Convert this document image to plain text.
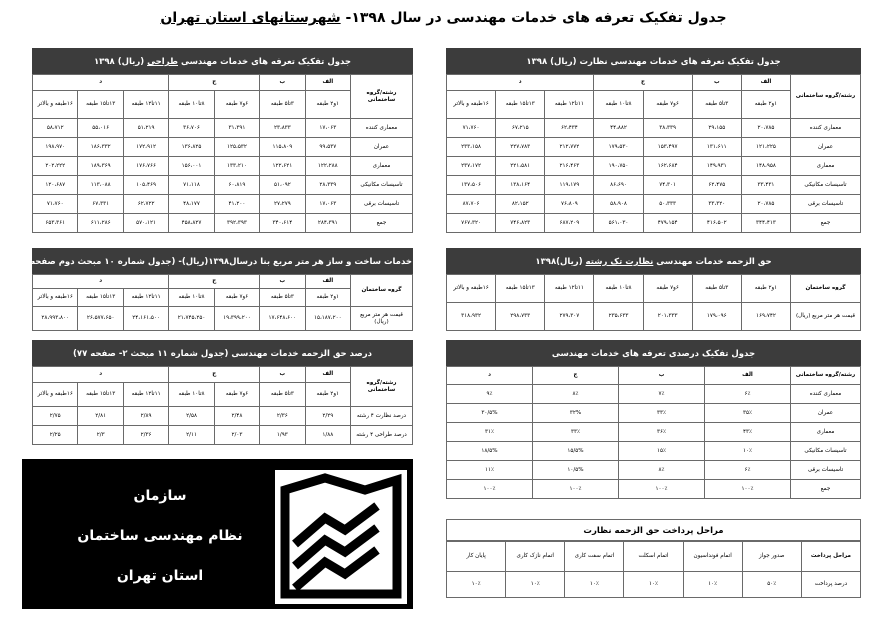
جدول تفکیک تعرفه های خدمات مهندسی در سال ۱۳۹۸- شهرستانهای استان تهران
جدول تفکیک تعرفه های خدمات مهندسی نظارت (ریال) ۱۳۹۸
رشته/گروه ساختمانی	الف	ب	ج		د		
	۱و۲ طبقه	۳تا۵ طبقه	۶و۷ طبقه	۸تا۱۰ طبقه	۱۱تا۱۲ طبقه	۱۳تا۱۵ طبقه	۱۶طبقه و بالاتر
معماری کننده	۲۰،۷۸۵	۲۹،۱۵۵	۳۸،۳۳۹	۴۴،۸۸۲	۶۲،۴۳۴	۶۷،۲۱۵	۷۱،۷۶۰
عمران	۱۲۱،۲۲۵	۱۳۱،۶۱۱	۱۵۳،۴۹۷	۱۷۹،۵۳۰	۲۱۲،۷۷۲	۲۲۷،۷۸۳	۲۳۳،۱۵۸
معماری	۱۴۸،۹۵۸	۱۴۹،۹۳۱	۱۶۲،۶۸۴	۱۹۰،۷۵۰	۲۱۶،۴۶۳	۲۲۱،۵۸۱	۲۳۷،۱۷۲
تاسیسات مکانیکی	۳۳،۴۳۱	۶۲،۴۷۵	۷۴،۳۰۱	۸۶،۶۹۰	۱۱۹،۱۷۹	۱۳۸،۱۶۴	۱۳۷،۵۰۶
تاسیسات برقی	۲۰،۷۸۵	۳۳،۳۲۰	۵۰،۳۳۳	۵۸،۹۰۸	۷۶،۸۰۹	۸۲،۱۵۲	۸۷،۷۰۶
جمع	۳۴۴،۴۱۳	۴۱۶،۵۰۲	۴۷۹،۱۵۴	۵۶۱،۰۳۰	۶۸۷،۲۰۹	۷۴۶،۸۲۳	۷۶۷،۳۲۰
جدول تفکیک تعرفه های خدمات مهندسی طراحی (ریال) ۱۳۹۸
رشته/گروه ساختمانی	الف	ب	ج		د		
	۱و۲ طبقه	۳تا۵ طبقه	۶و۷ طبقه	۸تا۱۰ طبقه	۱۱تا۱۲ طبقه	۱۳تا۱۵ طبقه	۱۶طبقه و بالاتر
معماری کننده	۱۷،۰۶۳	۲۳،۸۳۳	۳۱،۳۹۱	۳۶،۷۰۶	۵۱،۲۱۹	۵۵،۰۱۶	۵۸،۷۱۲
عمران	۹۹،۵۳۷	۱۱۵،۸۰۹	۱۲۵،۵۳۲	۱۳۶،۸۲۵	۱۷۲،۹۱۲	۱۸۶،۳۳۲	۱۹۸،۹۷۰
معماری	۱۲۲،۲۸۸	۱۲۲،۶۲۱	۱۳۳،۲۱۰	۱۵۶،۰۰۱	۱۷۶،۷۶۶	۱۸۹،۳۶۹	۲۰۲،۲۲۲
تاسیسات مکانیکی	۲۸،۳۳۹	۵۱،۰۹۲	۶۰،۸۱۹	۷۱،۱۱۸	۱۰۵،۴۶۹	۱۱۳،۰۸۸	۱۲۰،۶۸۷
تاسیسات برقی	۱۷،۰۶۳	۲۷،۲۷۹	۴۱،۲۰۰	۴۸،۱۷۷	۶۲،۷۲۲	۶۷،۳۳۱	۷۱،۷۶۰
جمع	۲۸۴،۳۹۱	۳۴۰،۶۱۴	۳۹۲،۳۹۳	۴۵۸،۸۲۷	۵۷۰،۱۲۱	۶۱۱،۲۸۶	۶۵۳،۳۶۱
حق الزحمه خدمات مهندسی نظارت تک رشته (ریال)۱۳۹۸
گروه ساختمان	۱و۲ طبقه	۳تا۵ طبقه	۶و۷ طبقه	۸تا۱۰ طبقه	۱۱تا۱۲ طبقه	۱۳تا۱۵ طبقه	۱۶طبقه و بالاتر
قیمت هر متر مربع (ریال)	۱۶۹،۷۴۲	۱۷۹،۰۹۶	۲۰۱،۳۳۳	۲۳۵،۶۳۳	۲۷۹،۳۰۷	۲۹۸،۷۳۳	۳۱۸،۹۳۲
خدمات ساخت و ساز هر متر مربع بنا درسال۱۳۹۸(ریال)- (جدول شماره ۱۰ مبحث دوم صفحه ۷۵)
گروه ساختمان	الف	ب	ج		د		
	۱و۲ طبقه	۳تا۵ طبقه	۶و۷ طبقه	۸تا۱۰ طبقه	۱۱تا۱۲ طبقه	۱۳تا۱۵ طبقه	۱۶طبقه و بالاتر
قیمت هر متر مربع (ریال)	۱۵،۱۸۷،۲۰۰	۱۷،۶۴۸،۶۰۰	۱۹،۳۹۹،۲۰۰	۲۱،۷۴۵،۲۵۰	۲۴،۱۶۱،۵۰۰	۲۶،۵۷۷،۶۵۰	۲۸،۹۹۳،۸۰۰
درصد حق الزحمه خدمات مهندسی (جدول شماره ۱۱ مبحث ۲- صفحه ۷۷)
رشته/گروه ساختمانی	الف	ب	ج		د		
	۱و۲ طبقه	۳تا۵ طبقه	۶و۷ طبقه	۸تا۱۰ طبقه	۱۱تا۱۲ طبقه	۱۳تا۱۵ طبقه	۱۶طبقه و بالاتر
درصد نظارت ۴ رشته	۲/۲۹	۲/۳۶	۲/۴۸	۲/۵۸	۲/۸۹	۲/۸۱	۲/۷۵
درصد طراحی ۴ رشته	۱/۸۸	۱/۹۳	۲/۰۳	۲/۱۱	۲/۳۶	۲/۳	۲/۲۵
جدول تفکیک درصدی تعرفه های خدمات مهندسی
رشته/گروه ساختمانی	الف	ب	ج	د
معماری کننده	۶٪	۷٪	۸٪	۹٪
عمران	۳۵٪	۳۳٪	۳۲%	۳۰/۵%
معماری	۴۳٪	۳۶٪	۳۳٪	۳۱٪
تاسیسات مکانیکی	۱۰٪	۱۵٪	۱۵/۵%	۱۸/۵%
تاسیسات برقی	۶٪	۸٪	۱۰/۵%	۱۱٪
جمع	۱۰۰٪	۱۰۰٪	۱۰۰٪	۱۰۰٪
مراحل پرداخت حق الزحمه نظارت
مراحل پرداخت	صدور جواز	اتمام فونداسیون	اتمام اسکلت	اتمام سفت کاری	اتمام نازک کاری	پایان کار
درصد پرداخت	۵۰٪	۱۰٪	۱۰٪	۱۰٪	۱۰٪	۱۰٪
سازمان
نظام مهندسی ساختمان
استان تهران
